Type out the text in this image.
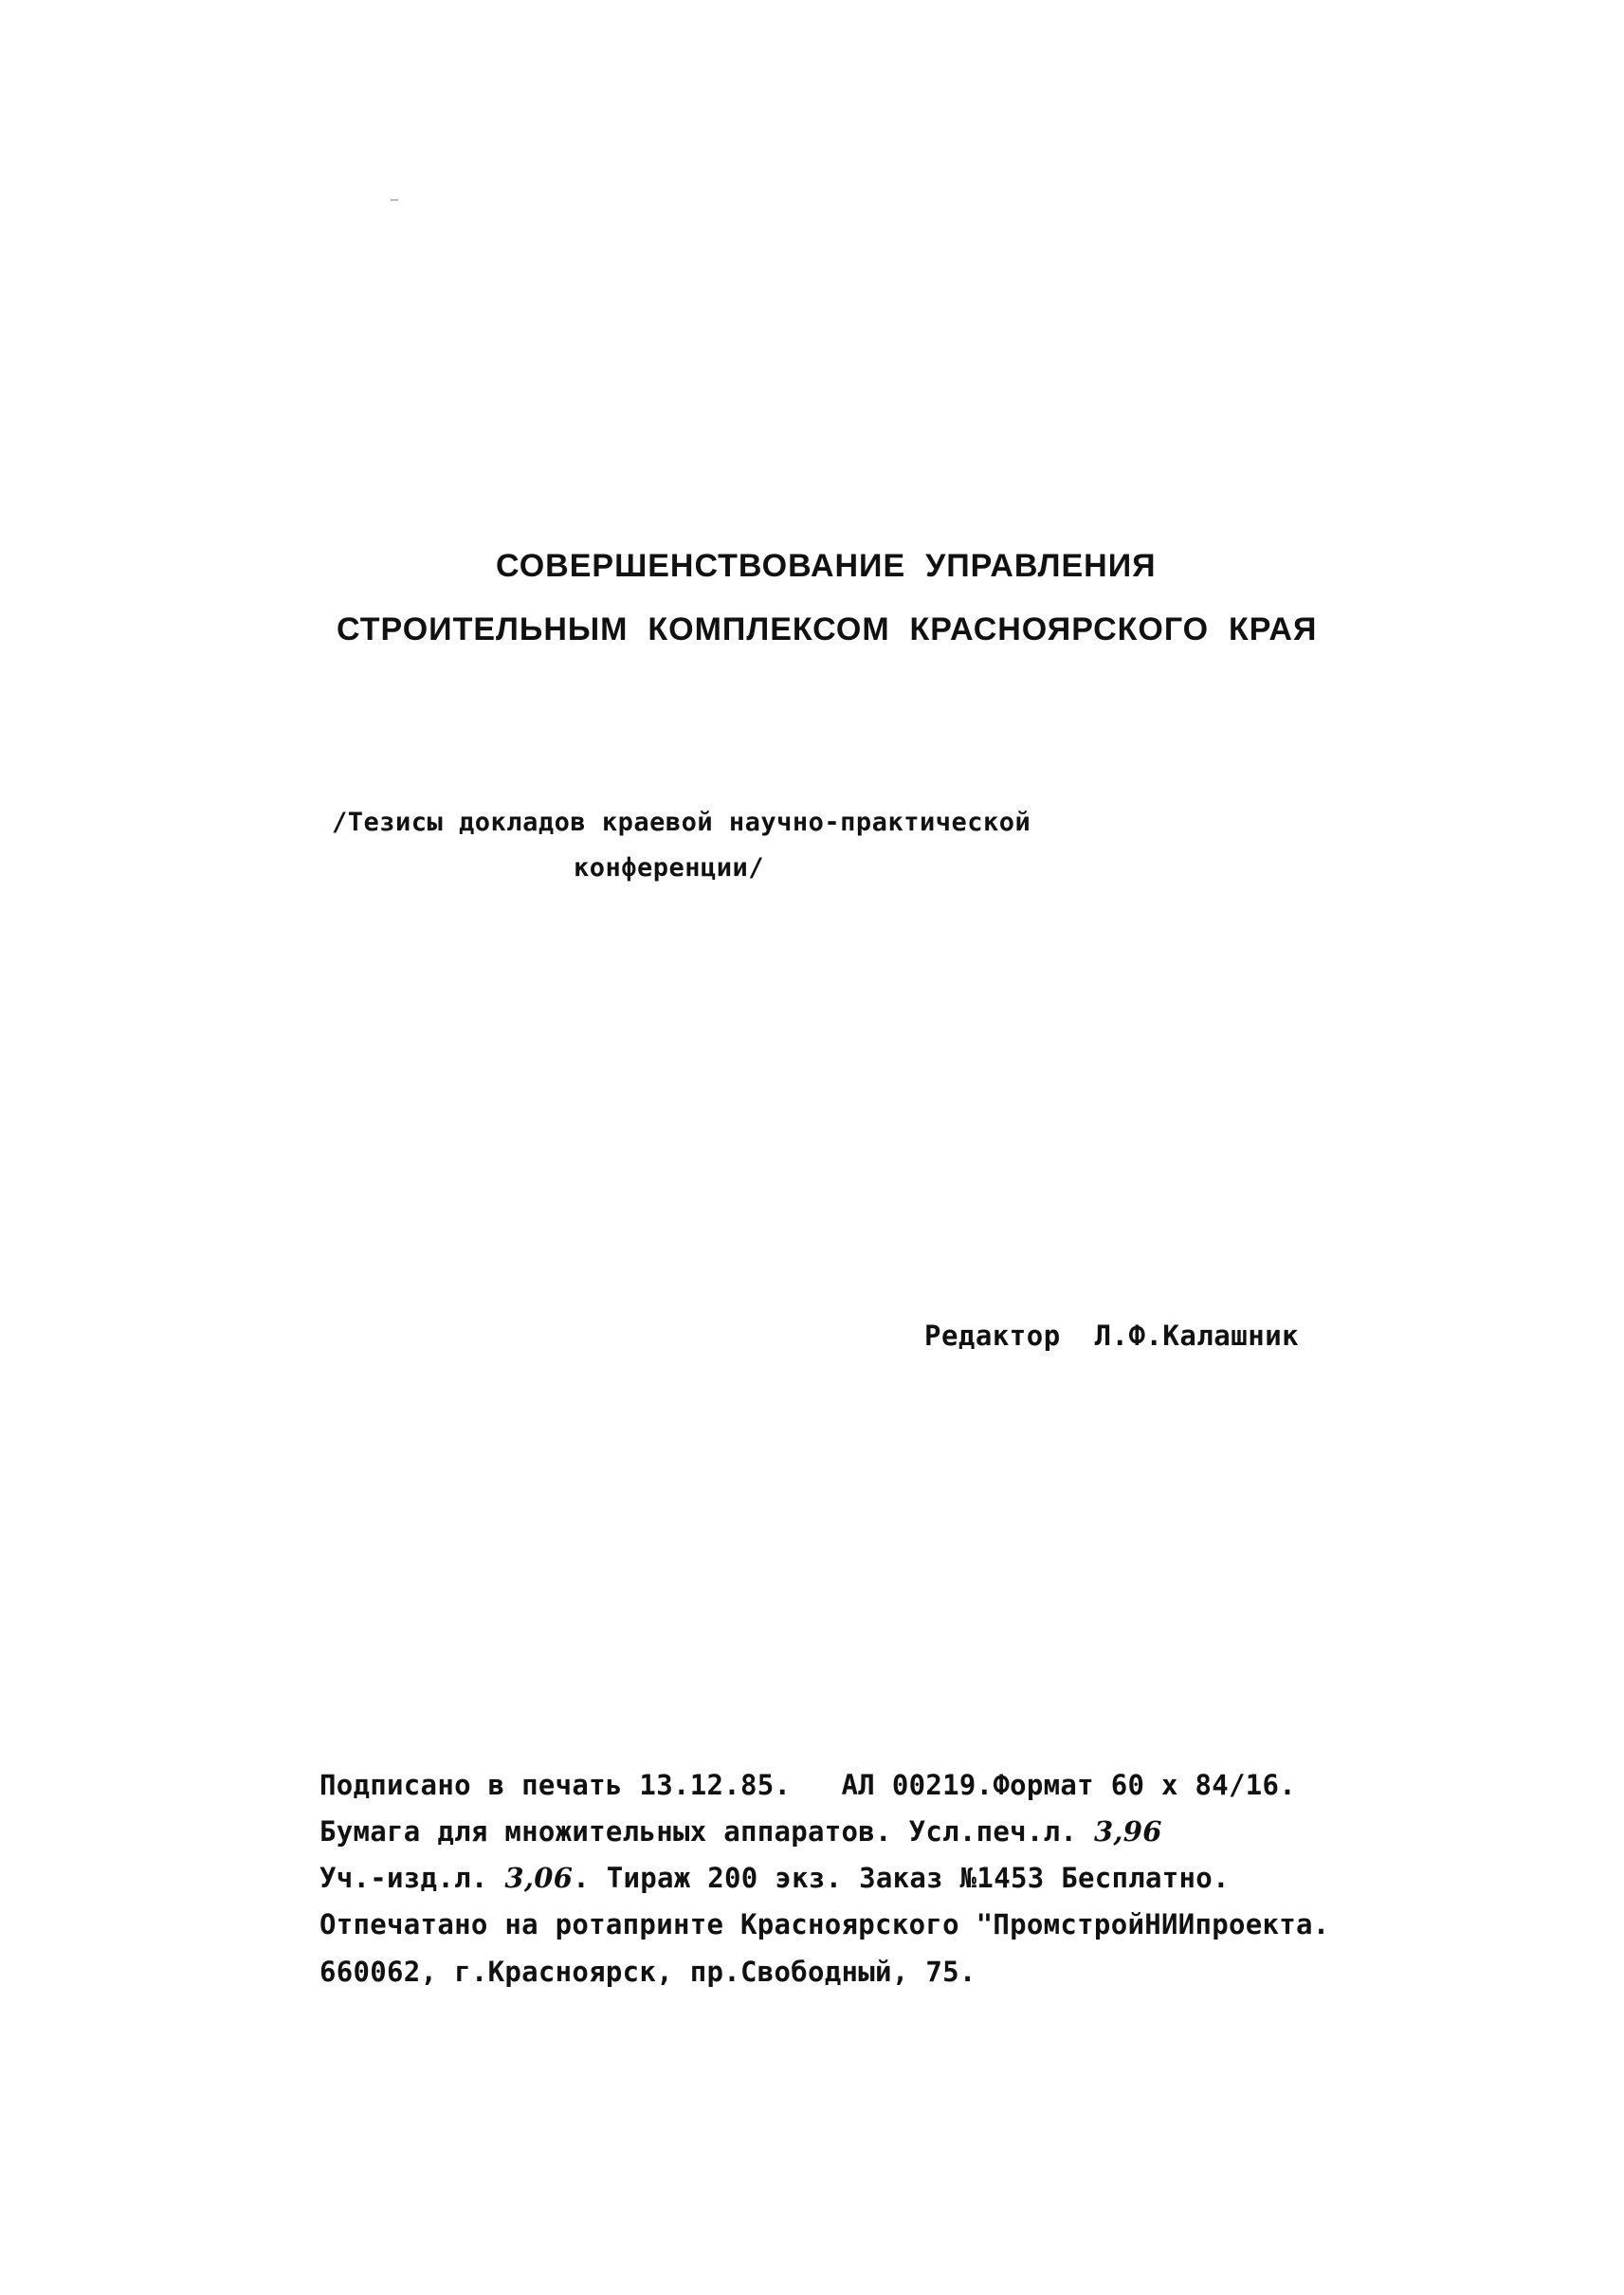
СОВЕРШЕНСТВОВАНИЕ  УПРАВЛЕНИЯ
СТРОИТЕЛЬНЫМ  КОМПЛЕКСОМ  КРАСНОЯРСКОГО  КРАЯ
/Тезисы докладов краевой научно-практической
конференции/
Редактор  Л.Ф.Калашник
Подписано в печать 13.12.85.   АЛ 00219.Формат 60 х 84/16.
Бумага для множительных аппаратов. Усл.печ.л. 3,96
Уч.-изд.л. 3,06. Тираж 200 экз. Заказ №1453 Бесплатно.
Отпечатано на ротапринте Красноярского "ПромстройНИИпроекта.
660062, г.Красноярск, пр.Свободный, 75.
